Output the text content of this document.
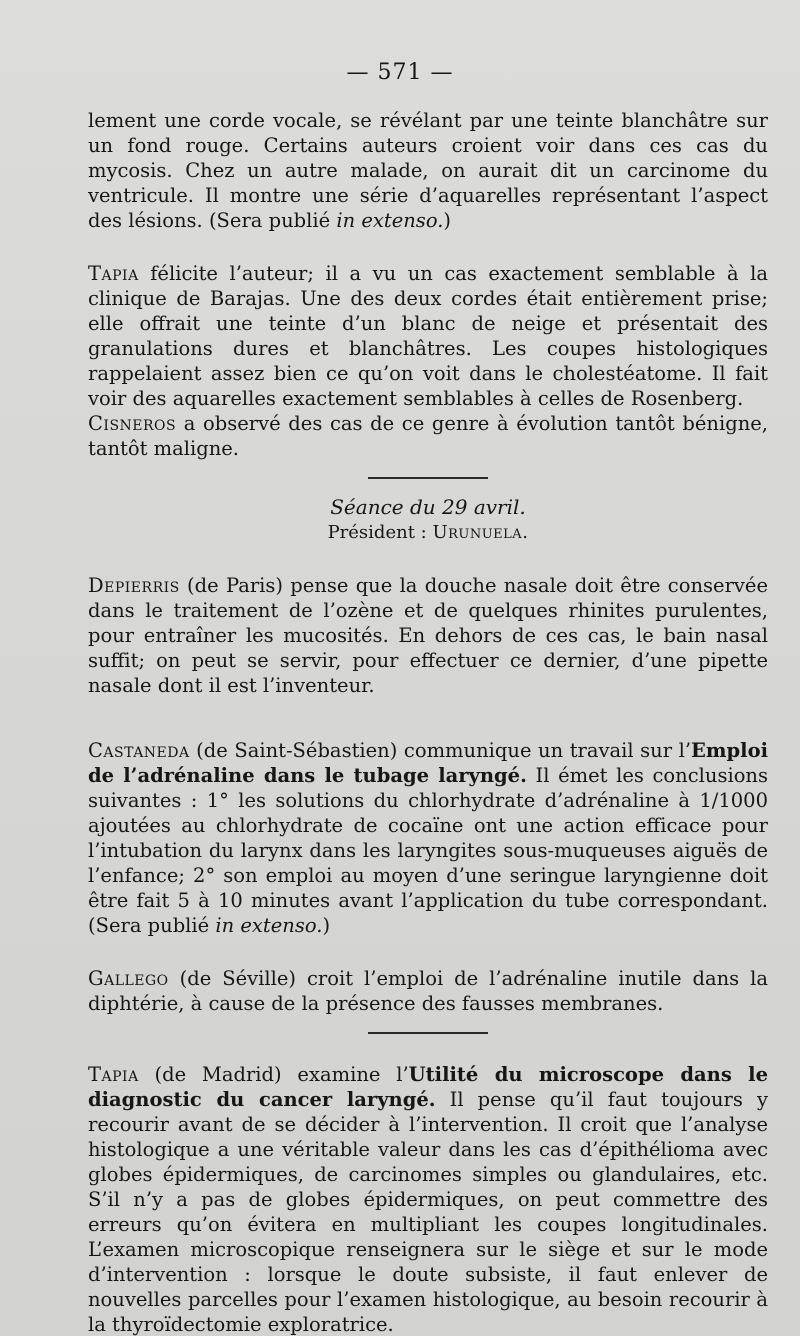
— 571 —

lement une corde vocale, se révélant par une teinte blanchâtre sur un fond rouge. Certains auteurs croient voir dans ces cas du mycosis. Chez un autre malade, on aurait dit un carcinome du ventricule. Il montre une série d’aquarelles représentant l’aspect des lésions. (Sera publié in extenso.)

Tapia félicite l’auteur; il a vu un cas exactement semblable à la clinique de Barajas. Une des deux cordes était entièrement prise; elle offrait une teinte d’un blanc de neige et présentait des granulations dures et blanchâtres. Les coupes histologiques rappelaient assez bien ce qu’on voit dans le cholestéatome. Il fait voir des aquarelles exactement semblables à celles de Rosenberg.

Cisneros a observé des cas de ce genre à évolution tantôt bénigne, tantôt maligne.

Séance du 29 avril.

Président : Urunuela.

Depierris (de Paris) pense que la douche nasale doit être conservée dans le traitement de l’ozène et de quelques rhinites purulentes, pour entraîner les mucosités. En dehors de ces cas, le bain nasal suffit; on peut se servir, pour effectuer ce dernier, d’une pipette nasale dont il est l’inventeur.

Castaneda (de Saint-Sébastien) communique un travail sur l’Emploi de l’adrénaline dans le tubage laryngé. Il émet les conclusions suivantes : 1° les solutions du chlorhydrate d’adrénaline à 1/1000 ajoutées au chlorhydrate de cocaïne ont une action efficace pour l’intubation du larynx dans les laryngites sous-muqueuses aiguës de l’enfance; 2° son emploi au moyen d’une seringue laryngienne doit être fait 5 à 10 minutes avant l’application du tube correspondant. (Sera publié in extenso.)

Gallego (de Séville) croit l’emploi de l’adrénaline inutile dans la diphtérie, à cause de la présence des fausses membranes.

Tapia (de Madrid) examine l’Utilité du microscope dans le diagnostic du cancer laryngé. Il pense qu’il faut toujours y recourir avant de se décider à l’intervention. Il croit que l’analyse histologique a une véritable valeur dans les cas d’épithélioma avec globes épidermiques, de carcinomes simples ou glandulaires, etc. S’il n’y a pas de globes épidermiques, on peut commettre des erreurs qu’on évitera en multipliant les coupes longitudinales. L’examen microscopique renseignera sur le siège et sur le mode d’intervention : lorsque le doute subsiste, il faut enlever de nouvelles parcelles pour l’examen histologique, au besoin recourir à la thyroïdectomie exploratrice.
